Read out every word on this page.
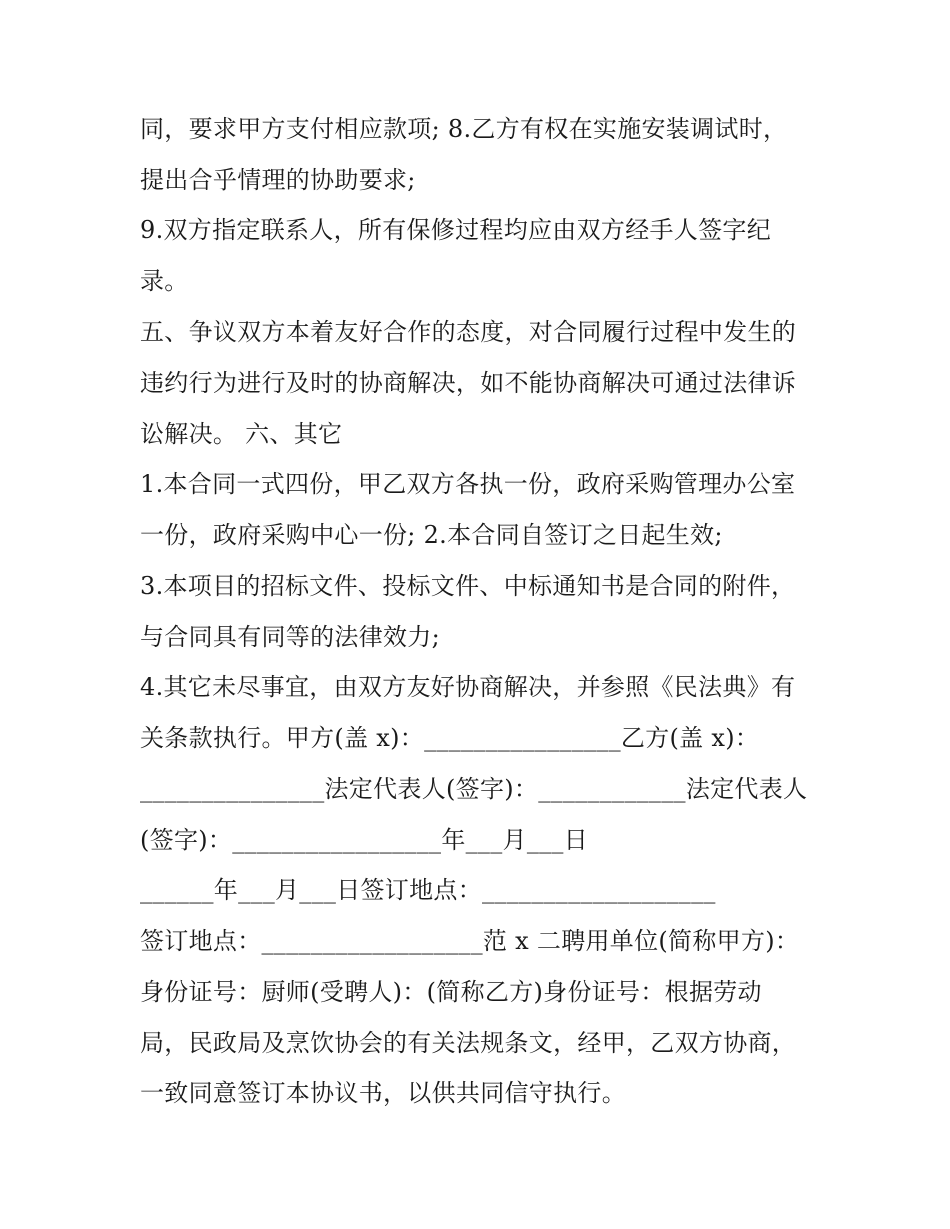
同，要求甲方支付相应款项; 8.乙方有权在实施安装调试时，
提出合乎情理的协助要求;
9.双方指定联系人，所有保修过程均应由双方经手人签字纪
录。
五、争议双方本着友好合作的态度，对合同履行过程中发生的
违约行为进行及时的协商解决，如不能协商解决可通过法律诉
讼解决。 六、其它
1.本合同一式四份，甲乙双方各执一份，政府采购管理办公室
一份，政府采购中心一份; 2.本合同自签订之日起生效;
3.本项目的招标文件、投标文件、中标通知书是合同的附件，
与合同具有同等的法律效力;
4.其它未尽事宜，由双方友好协商解决，并参照《民法典》有
关条款执行。甲方(盖 x)：________________乙方(盖 x)：
_______________法定代表人(签字)：____________法定代表人
(签字)：_________________年___月___日
______年___月___日签订地点：___________________
签订地点：__________________范 x 二聘用单位(简称甲方)：
身份证号：厨师(受聘人)：(简称乙方)身份证号：根据劳动
局，民政局及烹饮协会的有关法规条文，经甲，乙双方协商，
一致同意签订本协议书，以供共同信守执行。
